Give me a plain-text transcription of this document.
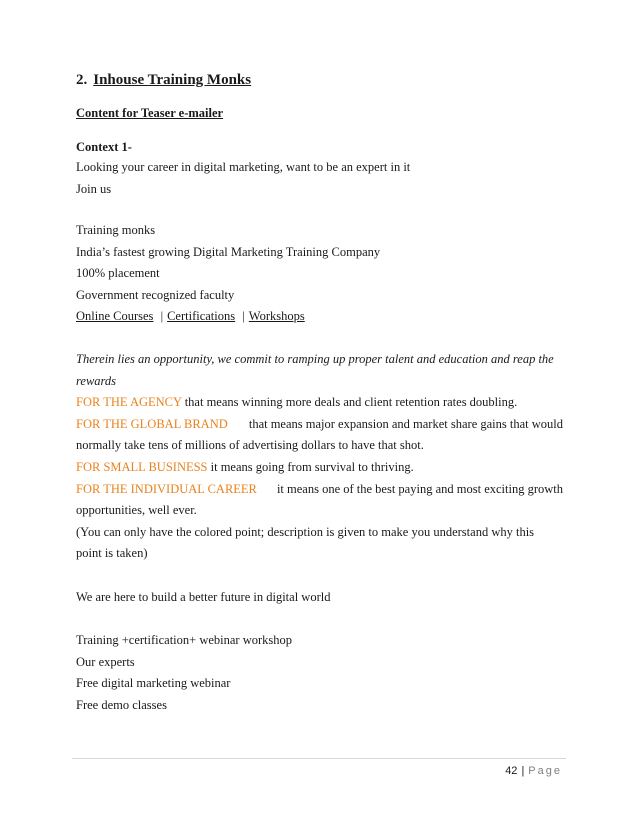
2. Inhouse Training Monks
Content for Teaser e-mailer
Context 1-
Looking your career in digital marketing, want to be an expert in it
Join us
Training monks
India’s fastest growing Digital Marketing Training Company
100% placement
Government recognized faculty
Online Courses | Certifications | Workshops
Therein lies an opportunity, we commit to ramping up proper talent and education and reap the
rewards
FOR THE AGENCY that means winning more deals and client retention rates doubling.
FOR THE GLOBAL BRAND that means major expansion and market share gains that would
normally take tens of millions of advertising dollars to have that shot.
FOR SMALL BUSINESS it means going from survival to thriving.
FOR THE INDIVIDUAL CAREER it means one of the best paying and most exciting growth
opportunities, well ever.
(You can only have the colored point; description is given to make you understand why this
point is taken)
We are here to build a better future in digital world
Training +certification+ webinar workshop
Our experts
Free digital marketing webinar
Free demo classes
42 | Page
